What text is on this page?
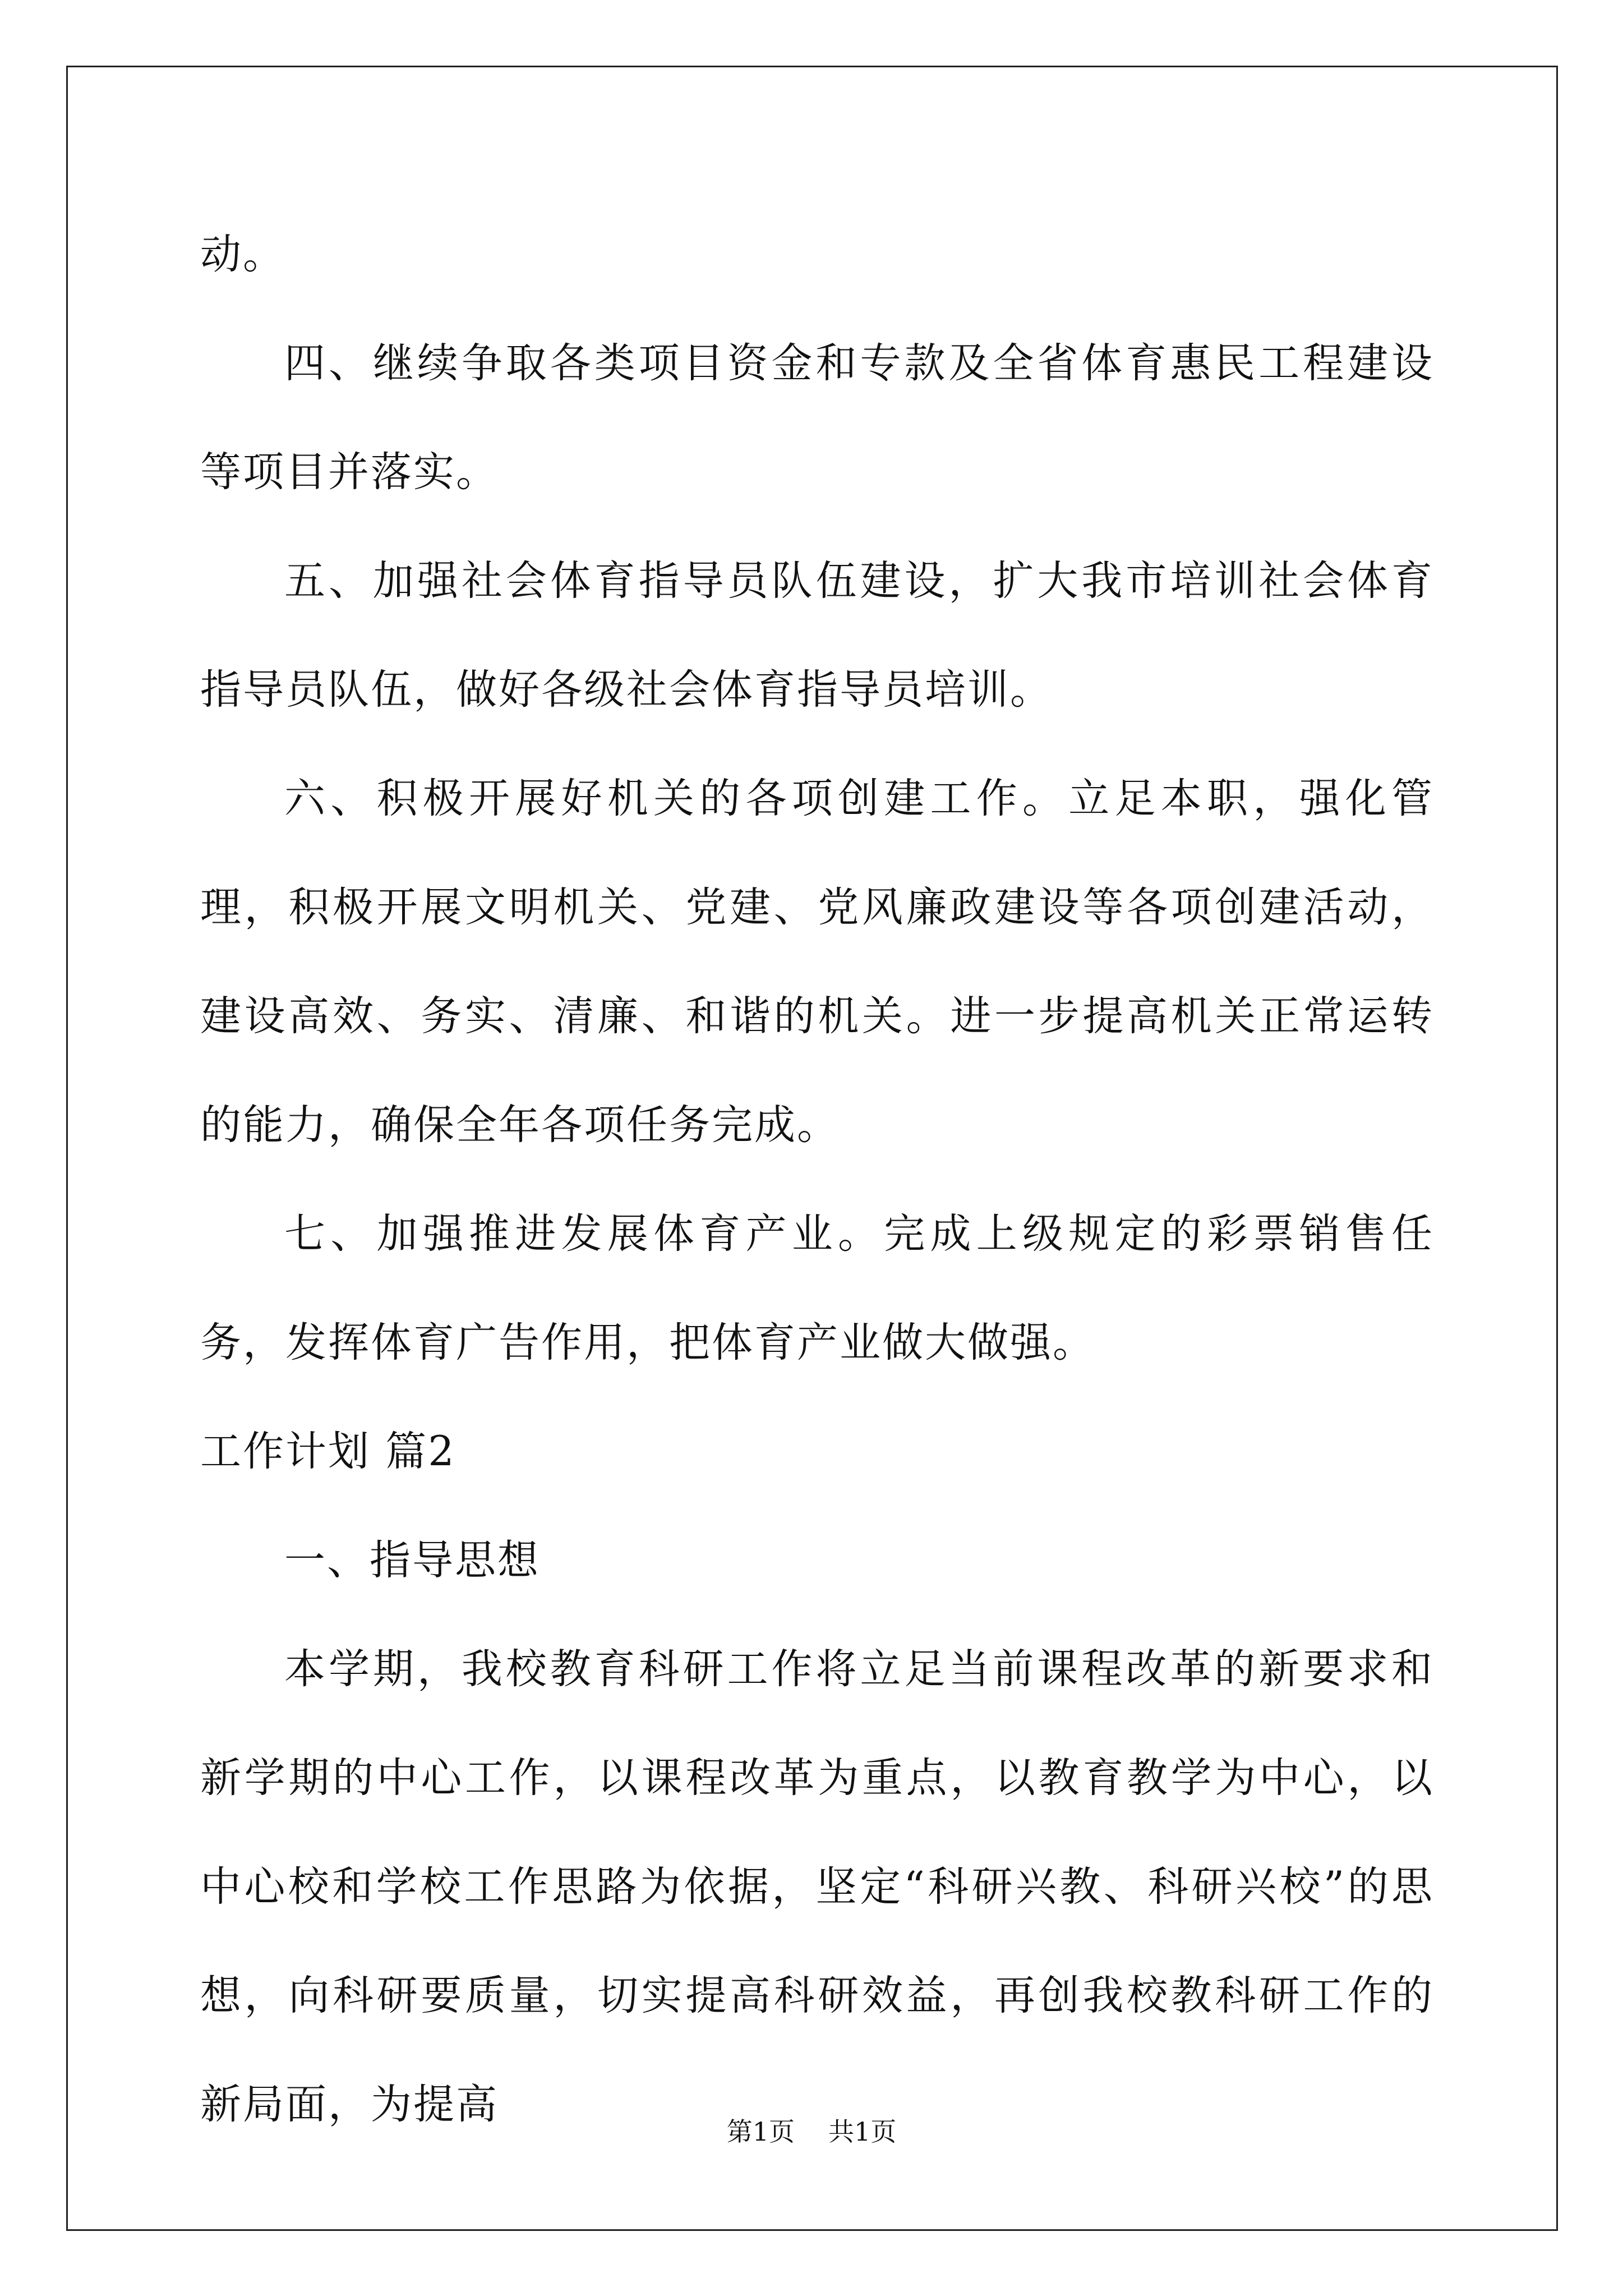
动。

四、继续争取各类项目资金和专款及全省体育惠民工程建设等项目并落实。

五、加强社会体育指导员队伍建设，扩大我市培训社会体育指导员队伍，做好各级社会体育指导员培训。

六、积极开展好机关的各项创建工作。立足本职，强化管理，积极开展文明机关、党建、党风廉政建设等各项创建活动，建设高效、务实、清廉、和谐的机关。进一步提高机关正常运转的能力，确保全年各项任务完成。

七、加强推进发展体育产业。完成上级规定的彩票销售任务，发挥体育广告作用，把体育产业做大做强。

工作计划 篇2

一、指导思想

本学期，我校教育科研工作将立足当前课程改革的新要求和新学期的中心工作，以课程改革为重点，以教育教学为中心，以中心校和学校工作思路为依据，坚定“科研兴教、科研兴校”的思想，向科研要质量，切实提高科研效益，再创我校教科研工作的新局面，为提高

第1页 共1页
